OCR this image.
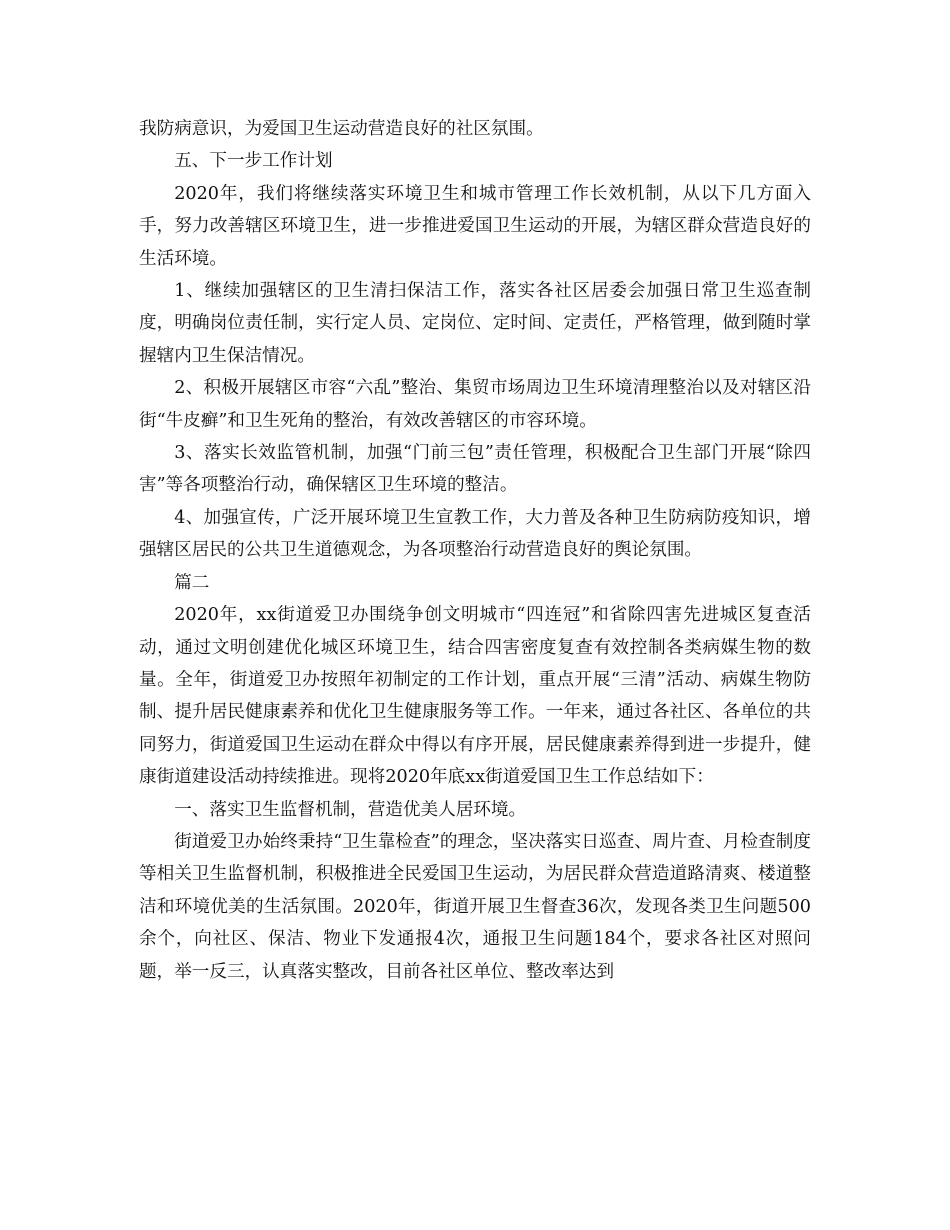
我防病意识，为爱国卫生运动营造良好的社区氛围。

五、下一步工作计划

2020年，我们将继续落实环境卫生和城市管理工作长效机制，从以下几方面入手，努力改善辖区环境卫生，进一步推进爱国卫生运动的开展，为辖区群众营造良好的生活环境。

1、继续加强辖区的卫生清扫保洁工作，落实各社区居委会加强日常卫生巡查制度，明确岗位责任制，实行定人员、定岗位、定时间、定责任，严格管理，做到随时掌握辖内卫生保洁情况。

2、积极开展辖区市容“六乱”整治、集贸市场周边卫生环境清理整治以及对辖区沿街“牛皮癣”和卫生死角的整治，有效改善辖区的市容环境。

3、落实长效监管机制，加强“门前三包”责任管理，积极配合卫生部门开展“除四害”等各项整治行动，确保辖区卫生环境的整洁。

4、加强宣传，广泛开展环境卫生宣教工作，大力普及各种卫生防病防疫知识，增强辖区居民的公共卫生道德观念，为各项整治行动营造良好的舆论氛围。

篇二

2020年，xx街道爱卫办围绕争创文明城市“四连冠”和省除四害先进城区复查活动，通过文明创建优化城区环境卫生，结合四害密度复查有效控制各类病媒生物的数量。全年，街道爱卫办按照年初制定的工作计划，重点开展“三清”活动、病媒生物防制、提升居民健康素养和优化卫生健康服务等工作。一年来，通过各社区、各单位的共同努力，街道爱国卫生运动在群众中得以有序开展，居民健康素养得到进一步提升，健康街道建设活动持续推进。现将2020年底xx街道爱国卫生工作总结如下：

一、落实卫生监督机制，营造优美人居环境。

街道爱卫办始终秉持“卫生靠检查”的理念，坚决落实日巡查、周片查、月检查制度等相关卫生监督机制，积极推进全民爱国卫生运动，为居民群众营造道路清爽、楼道整洁和环境优美的生活氛围。2020年，街道开展卫生督查36次，发现各类卫生问题500余个，向社区、保洁、物业下发通报4次，通报卫生问题184个，要求各社区对照问题，举一反三，认真落实整改，目前各社区单位、整改率达到
